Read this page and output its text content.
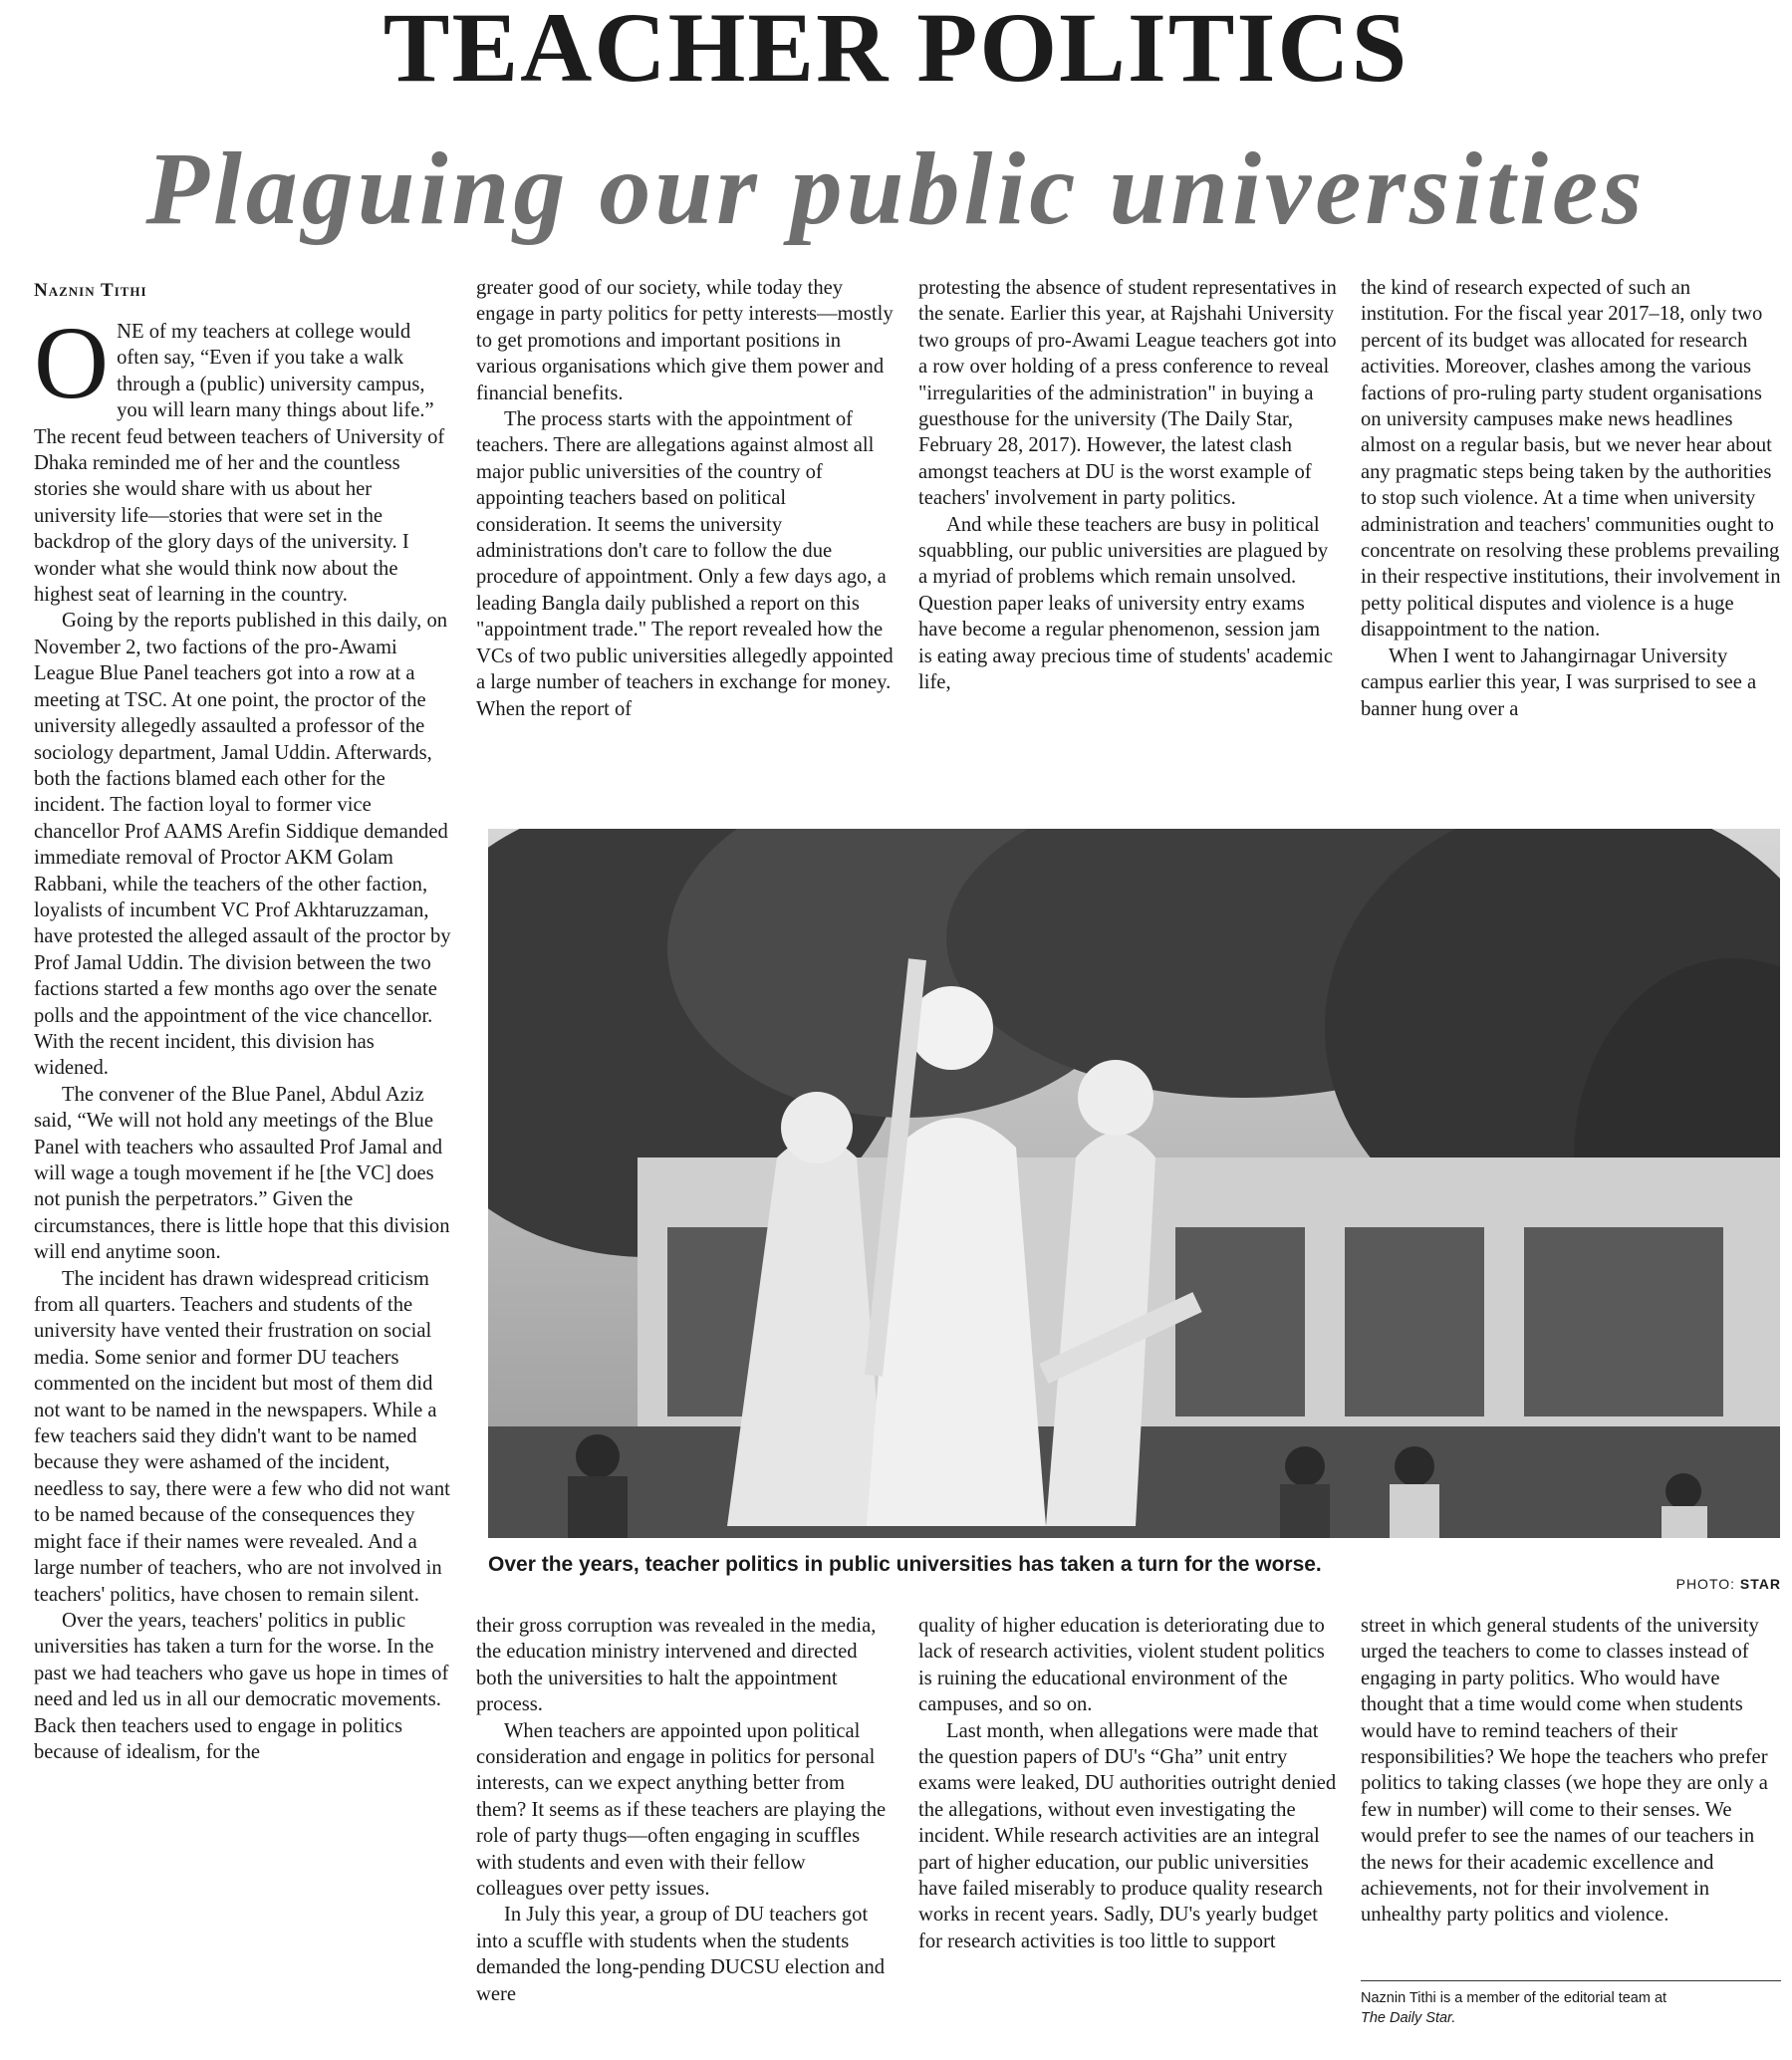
TEACHER POLITICS
Plaguing our public universities
Naznin Tithi

ONE of my teachers at college would often say, “Even if you take a walk through a (public) university campus, you will learn many things about life.” The recent feud between teachers of University of Dhaka reminded me of her and the countless stories she would share with us about her university life—stories that were set in the backdrop of the glory days of the university. I wonder what she would think now about the highest seat of learning in the country.

Going by the reports published in this daily, on November 2, two factions of the pro-Awami League Blue Panel teachers got into a row at a meeting at TSC. At one point, the proctor of the university allegedly assaulted a professor of the sociology department, Jamal Uddin. Afterwards, both the factions blamed each other for the incident. The faction loyal to former vice chancellor Prof AAMS Arefin Siddique demanded immediate removal of Proctor AKM Golam Rabbani, while the teachers of the other faction, loyalists of incumbent VC Prof Akhtaruzzaman, have protested the alleged assault of the proctor by Prof Jamal Uddin. The division between the two factions started a few months ago over the senate polls and the appointment of the vice chancellor. With the recent incident, this division has widened.

The convener of the Blue Panel, Abdul Aziz said, “We will not hold any meetings of the Blue Panel with teachers who assaulted Prof Jamal and will wage a tough movement if he [the VC] does not punish the perpetrators.” Given the circumstances, there is little hope that this division will end anytime soon.

The incident has drawn widespread criticism from all quarters. Teachers and students of the university have vented their frustration on social media. Some senior and former DU teachers commented on the incident but most of them did not want to be named in the newspapers. While a few teachers said they didn't want to be named because they were ashamed of the incident, needless to say, there were a few who did not want to be named because of the consequences they might face if their names were revealed. And a large number of teachers, who are not involved in teachers' politics, have chosen to remain silent.

Over the years, teachers' politics in public universities has taken a turn for the worse. In the past we had teachers who gave us hope in times of need and led us in all our democratic movements. Back then teachers used to engage in politics because of idealism, for the

greater good of our society, while today they engage in party politics for petty interests—mostly to get promotions and important positions in various organisations which give them power and financial benefits.

The process starts with the appointment of teachers. There are allegations against almost all major public universities of the country of appointing teachers based on political consideration. It seems the university administrations don't care to follow the due procedure of appointment. Only a few days ago, a leading Bangla daily published a report on this "appointment trade." The report revealed how the VCs of two public universities allegedly appointed a large number of teachers in exchange for money. When the report of

protesting the absence of student representatives in the senate. Earlier this year, at Rajshahi University two groups of pro-Awami League teachers got into a row over holding of a press conference to reveal "irregularities of the administration" in buying a guesthouse for the university (The Daily Star, February 28, 2017). However, the latest clash amongst teachers at DU is the worst example of teachers' involvement in party politics.

And while these teachers are busy in political squabbling, our public universities are plagued by a myriad of problems which remain unsolved. Question paper leaks of university entry exams have become a regular phenomenon, session jam is eating away precious time of students' academic life,

the kind of research expected of such an institution. For the fiscal year 2017–18, only two percent of its budget was allocated for research activities. Moreover, clashes among the various factions of pro-ruling party student organisations on university campuses make news headlines almost on a regular basis, but we never hear about any pragmatic steps being taken by the authorities to stop such violence. At a time when university administration and teachers' communities ought to concentrate on resolving these problems prevailing in their respective institutions, their involvement in petty political disputes and violence is a huge disappointment to the nation.

When I went to Jahangirnagar University campus earlier this year, I was surprised to see a banner hung over a

Over the years, teacher politics in public universities has taken a turn for the worse.
PHOTO: STAR

their gross corruption was revealed in the media, the education ministry intervened and directed both the universities to halt the appointment process.

When teachers are appointed upon political consideration and engage in politics for personal interests, can we expect anything better from them? It seems as if these teachers are playing the role of party thugs—often engaging in scuffles with students and even with their fellow colleagues over petty issues.

In July this year, a group of DU teachers got into a scuffle with students when the students demanded the long-pending DUCSU election and were

quality of higher education is deteriorating due to lack of research activities, violent student politics is ruining the educational environment of the campuses, and so on.

Last month, when allegations were made that the question papers of DU's “Gha” unit entry exams were leaked, DU authorities outright denied the allegations, without even investigating the incident. While research activities are an integral part of higher education, our public universities have failed miserably to produce quality research works in recent years. Sadly, DU's yearly budget for research activities is too little to support

street in which general students of the university urged the teachers to come to classes instead of engaging in party politics. Who would have thought that a time would come when students would have to remind teachers of their responsibilities? We hope the teachers who prefer politics to taking classes (we hope they are only a few in number) will come to their senses. We would prefer to see the names of our teachers in the news for their academic excellence and achievements, not for their involvement in unhealthy party politics and violence.

Naznin Tithi is a member of the editorial team at
The Daily Star.
